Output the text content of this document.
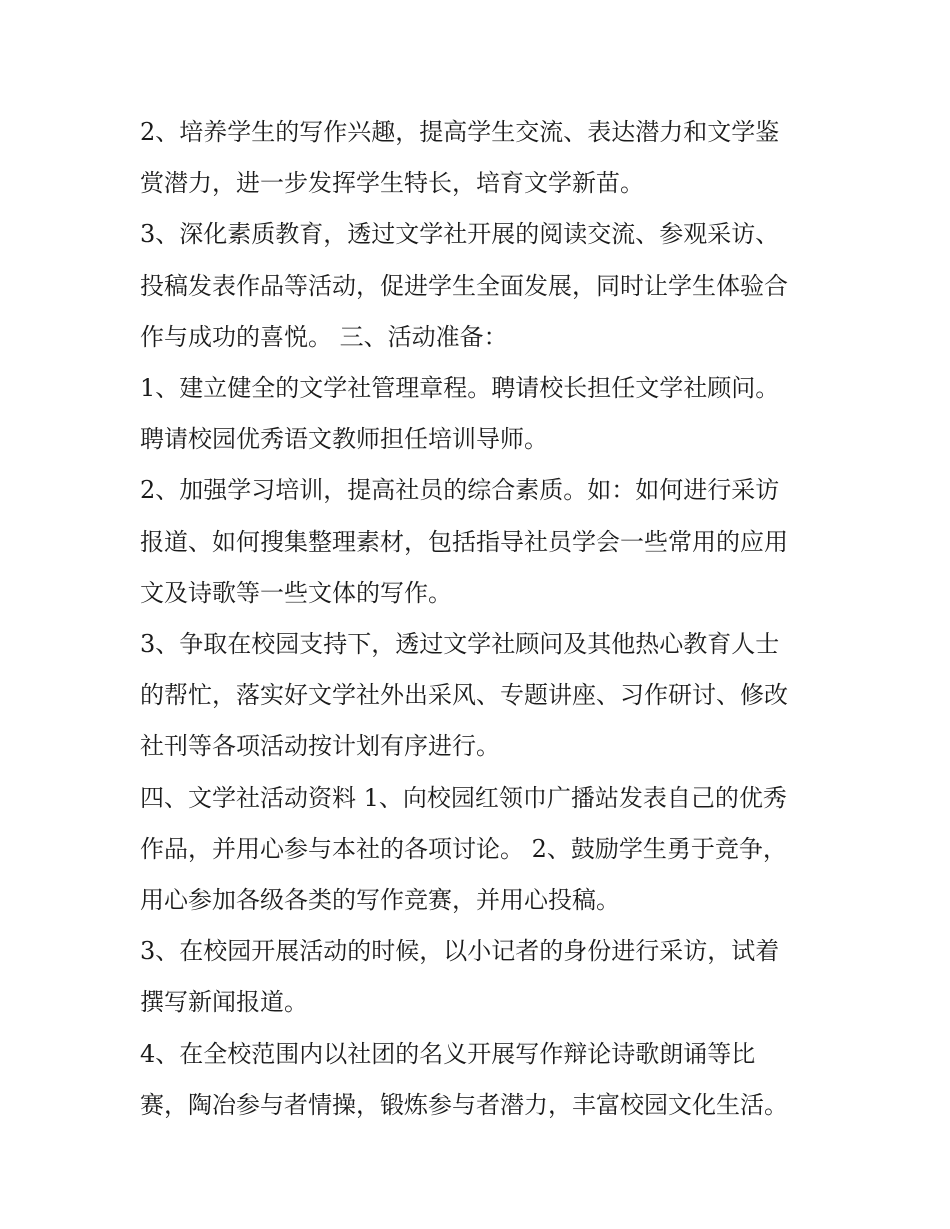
2、培养学生的写作兴趣，提高学生交流、表达潜力和文学鉴

赏潜力，进一步发挥学生特长，培育文学新苗。

3、深化素质教育，透过文学社开展的阅读交流、参观采访、

投稿发表作品等活动，促进学生全面发展，同时让学生体验合

作与成功的喜悦。 三、活动准备：

1、建立健全的文学社管理章程。聘请校长担任文学社顾问。

聘请校园优秀语文教师担任培训导师。

2、加强学习培训，提高社员的综合素质。如：如何进行采访

报道、如何搜集整理素材，包括指导社员学会一些常用的应用

文及诗歌等一些文体的写作。

3、争取在校园支持下，透过文学社顾问及其他热心教育人士

的帮忙，落实好文学社外出采风、专题讲座、习作研讨、修改

社刊等各项活动按计划有序进行。

四、文学社活动资料 1、向校园红领巾广播站发表自己的优秀

作品，并用心参与本社的各项讨论。 2、鼓励学生勇于竞争，

用心参加各级各类的写作竞赛，并用心投稿。

3、在校园开展活动的时候，以小记者的身份进行采访，试着

撰写新闻报道。

4、在全校范围内以社团的名义开展写作辩论诗歌朗诵等比

赛，陶冶参与者情操，锻炼参与者潜力，丰富校园文化生活。
